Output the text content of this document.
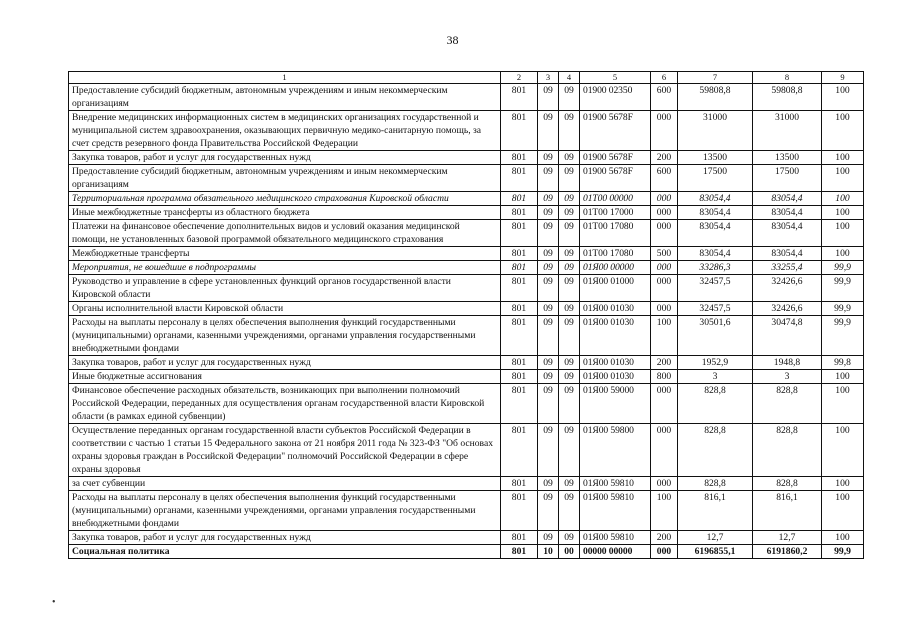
38
•
1	2	3	4	5	6	7	8	9
Предоставление субсидий бюджетным, автономным учреждениям и иным некоммерческим организациям	801	09	09	01900 02350	600	59808,8	59808,8	100
Внедрение медицинских информационных систем в медицинских организациях государственной и муниципальной систем здравоохранения, оказывающих первичную медико-санитарную помощь, за счет средств резервного фонда Правительства Российской Федерации	801	09	09	01900 5678F	000	31000	31000	100
Закупка товаров, работ и услуг для государственных нужд	801	09	09	01900 5678F	200	13500	13500	100
Предоставление субсидий бюджетным, автономным учреждениям и иным некоммерческим организациям	801	09	09	01900 5678F	600	17500	17500	100
Территориальная программа обязательного медицинского страхования Кировской области	801	09	09	01T00 00000	000	83054,4	83054,4	100
Иные межбюджетные трансферты из областного бюджета	801	09	09	01T00 17000	000	83054,4	83054,4	100
Платежи на финансовое обеспечение дополнительных видов и условий оказания медицинской помощи, не установленных базовой программой обязательного медицинского страхования	801	09	09	01T00 17080	000	83054,4	83054,4	100
Межбюджетные трансферты	801	09	09	01T00 17080	500	83054,4	83054,4	100
Мероприятия, не вошедшие в подпрограммы	801	09	09	01Я00 00000	000	33286,3	33255,4	99,9
Руководство и управление в сфере установленных функций органов государственной власти Кировской области	801	09	09	01Я00 01000	000	32457,5	32426,6	99,9
Органы исполнительной власти Кировской области	801	09	09	01Я00 01030	000	32457,5	32426,6	99,9
Расходы на выплаты персоналу в целях обеспечения выполнения функций государственными (муниципальными) органами, казенными учреждениями, органами управления государственными внебюджетными фондами	801	09	09	01Я00 01030	100	30501,6	30474,8	99,9
Закупка товаров, работ и услуг для государственных нужд	801	09	09	01Я00 01030	200	1952,9	1948,8	99,8
Иные бюджетные ассигнования	801	09	09	01Я00 01030	800	3	3	100
Финансовое обеспечение расходных обязательств, возникающих при выполнении полномочий Российской Федерации, переданных для осуществления органам государственной власти Кировской области (в рамках единой субвенции)	801	09	09	01Я00 59000	000	828,8	828,8	100
Осуществление переданных органам государственной власти субъектов Российской Федерации в соответствии с частью 1 статьи 15 Федерального закона от 21 ноября 2011 года № 323-ФЗ "Об основах охраны здоровья граждан в Российской Федерации" полномочий Российской Федерации в сфере охраны здоровья	801	09	09	01Я00 59800	000	828,8	828,8	100
за счет субвенции	801	09	09	01Я00 59810	000	828,8	828,8	100
Расходы на выплаты персоналу в целях обеспечения выполнения функций государственными (муниципальными) органами, казенными учреждениями, органами управления государственными внебюджетными фондами	801	09	09	01Я00 59810	100	816,1	816,1	100
Закупка товаров, работ и услуг для государственных нужд	801	09	09	01Я00 59810	200	12,7	12,7	100
Социальная политика	801	10	00	00000 00000	000	6196855,1	6191860,2	99,9
